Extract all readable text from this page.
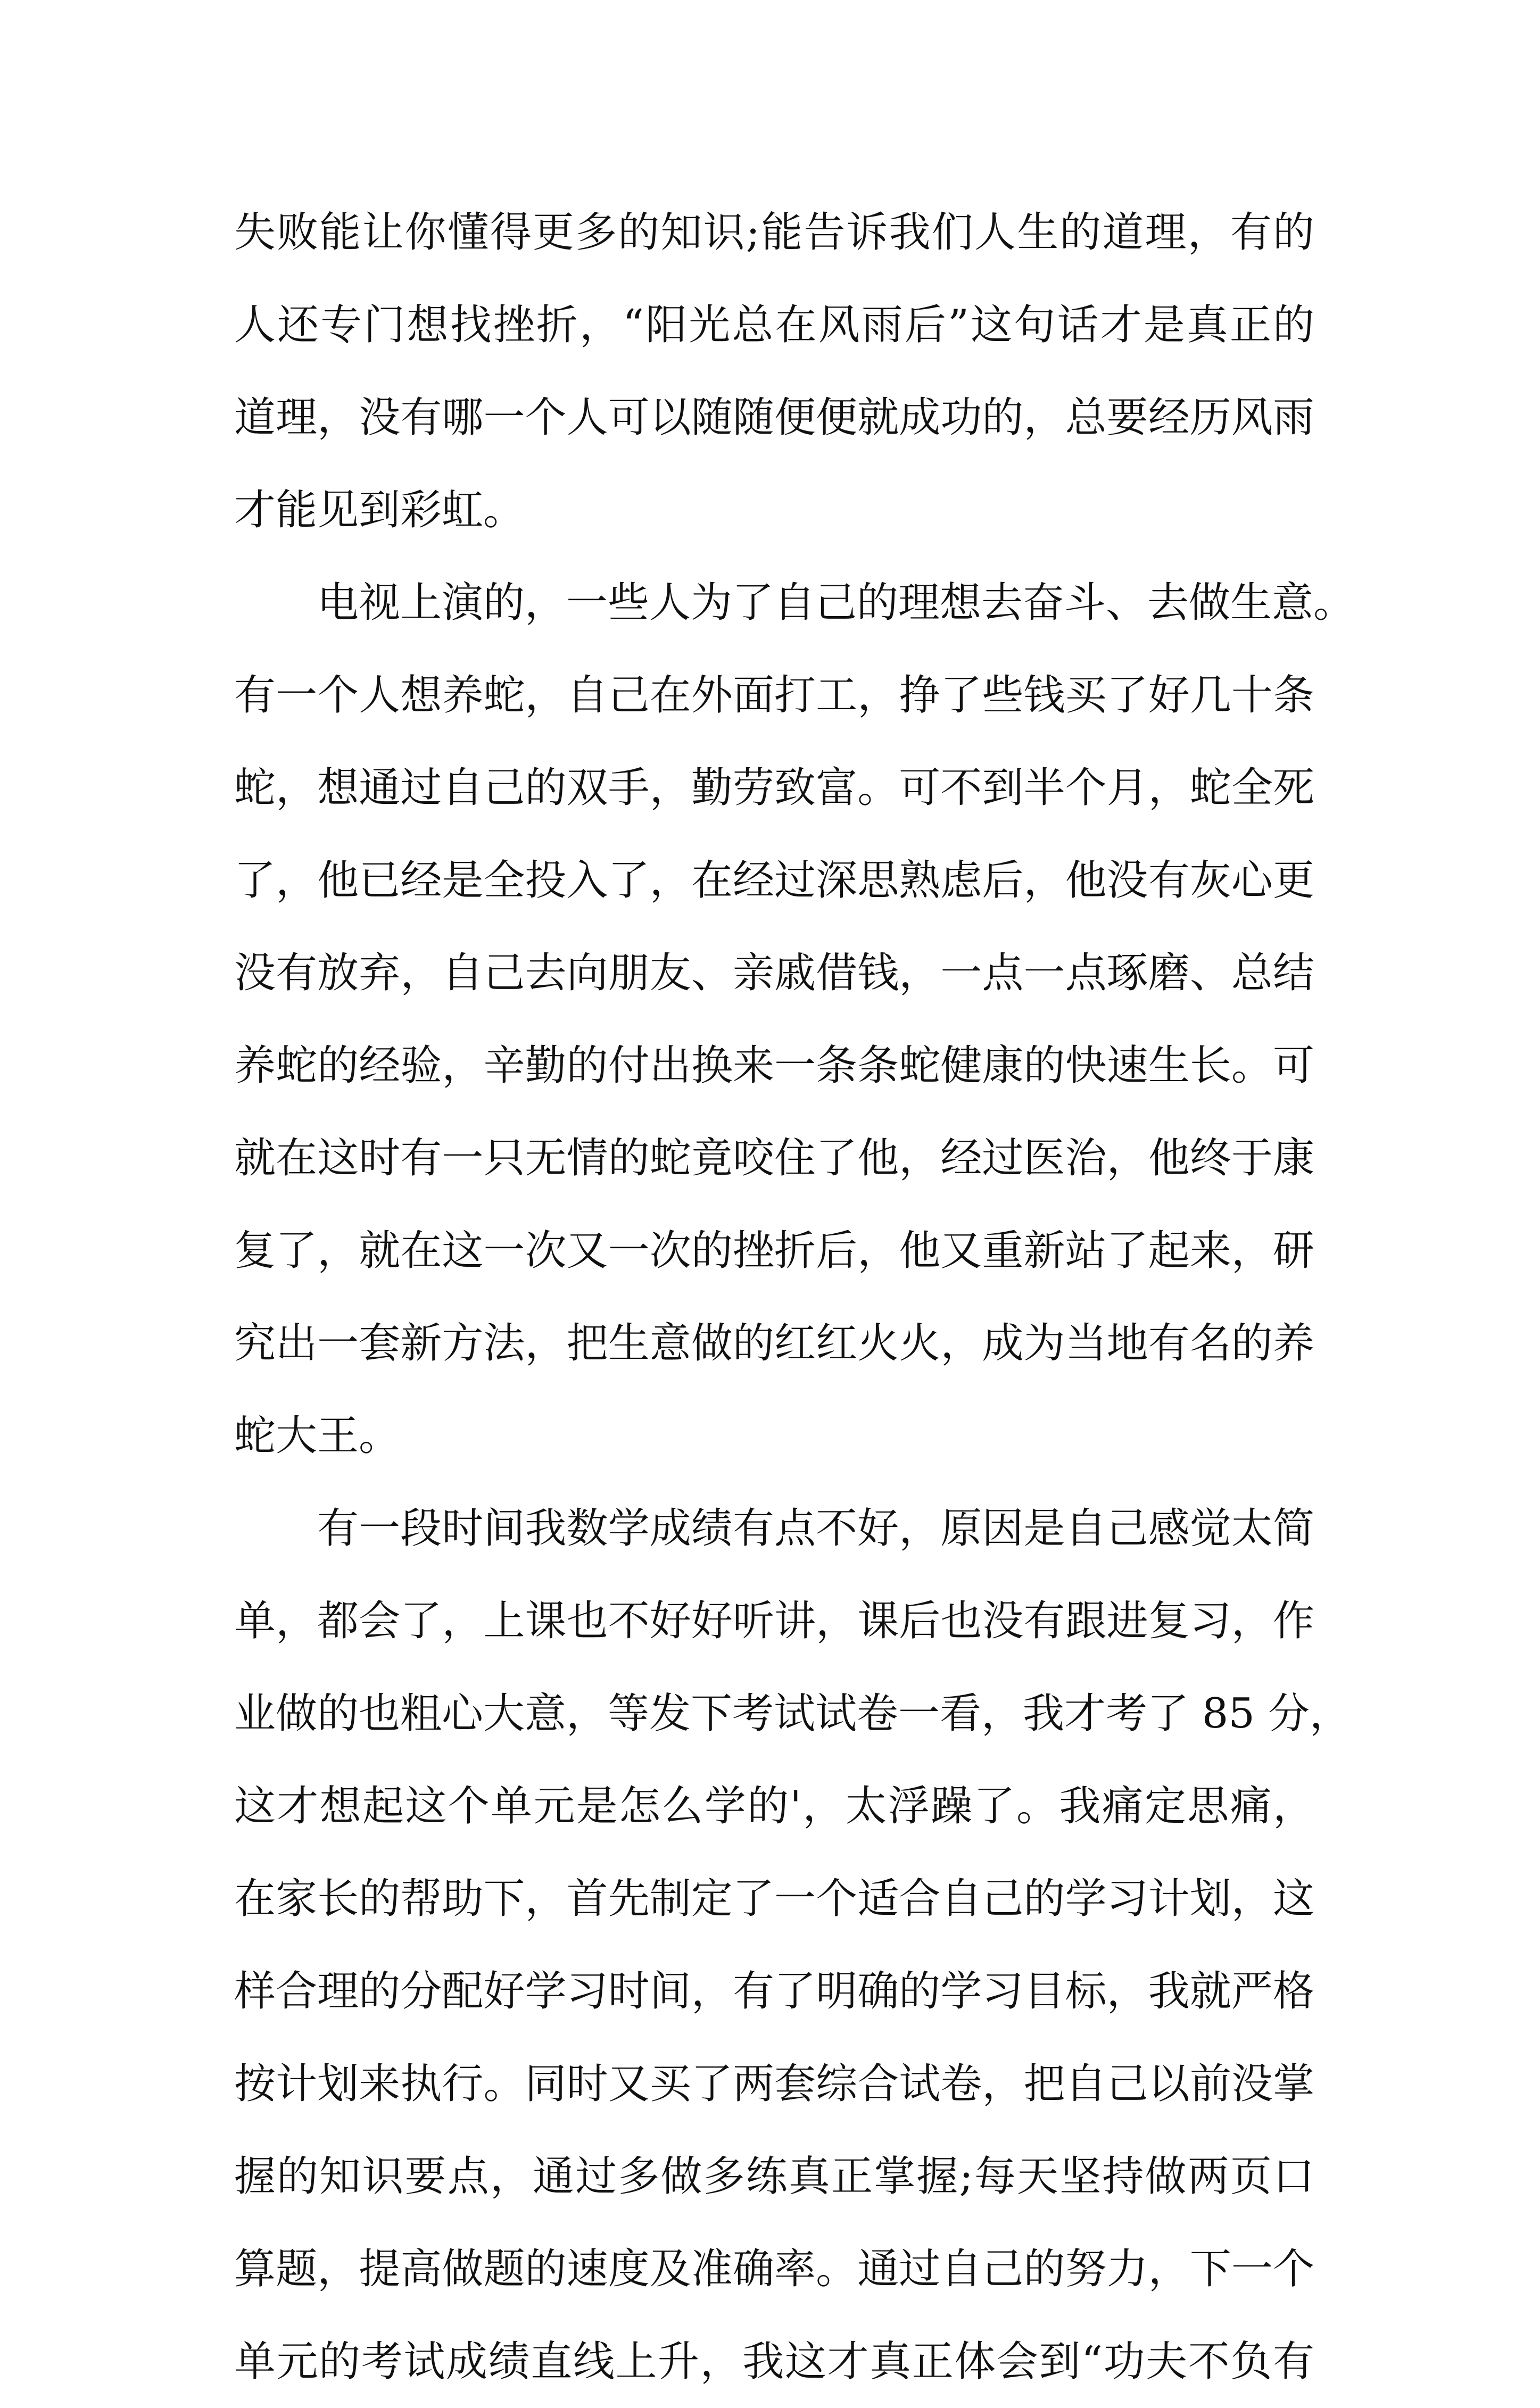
失败能让你懂得更多的知识;能告诉我们人生的道理，有的
人还专门想找挫折，“阳光总在风雨后”这句话才是真正的
道理，没有哪一个人可以随随便便就成功的，总要经历风雨
才能见到彩虹。
电视上演的，一些人为了自己的理想去奋斗、去做生意。
有一个人想养蛇，自己在外面打工，挣了些钱买了好几十条
蛇，想通过自己的双手，勤劳致富。可不到半个月，蛇全死
了，他已经是全投入了，在经过深思熟虑后，他没有灰心更
没有放弃，自己去向朋友、亲戚借钱，一点一点琢磨、总结
养蛇的经验，辛勤的付出换来一条条蛇健康的快速生长。可
就在这时有一只无情的蛇竟咬住了他，经过医治，他终于康
复了，就在这一次又一次的挫折后，他又重新站了起来，研
究出一套新方法，把生意做的红红火火，成为当地有名的养
蛇大王。
有一段时间我数学成绩有点不好，原因是自己感觉太简
单，都会了，上课也不好好听讲，课后也没有跟进复习，作
业做的也粗心大意，等发下考试试卷一看，我才考了 85 分，
这才想起这个单元是怎么学的'，太浮躁了。我痛定思痛，
在家长的帮助下，首先制定了一个适合自己的学习计划，这
样合理的分配好学习时间，有了明确的学习目标，我就严格
按计划来执行。同时又买了两套综合试卷，把自己以前没掌
握的知识要点，通过多做多练真正掌握;每天坚持做两页口
算题，提高做题的速度及准确率。通过自己的努力，下一个
单元的考试成绩直线上升，我这才真正体会到“功夫不负有
